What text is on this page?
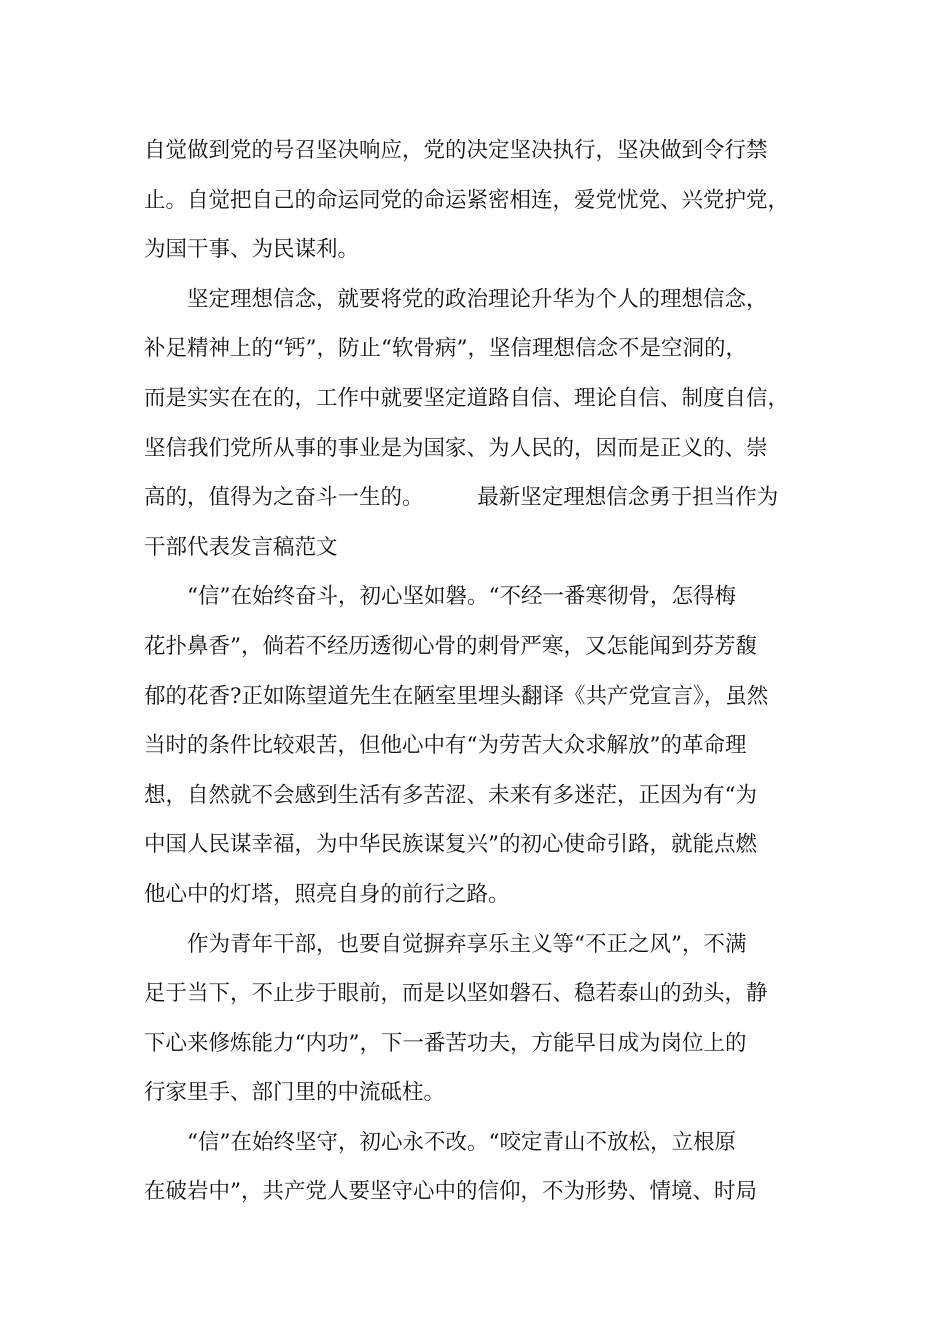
自觉做到党的号召坚决响应，党的决定坚决执行，坚决做到令行禁
止。自觉把自己的命运同党的命运紧密相连，爱党忧党、兴党护党，
为国干事、为民谋利。
　　坚定理想信念，就要将党的政治理论升华为个人的理想信念，
补足精神上的“钙”，防止“软骨病”，坚信理想信念不是空洞的，
而是实实在在的，工作中就要坚定道路自信、理论自信、制度自信，
坚信我们党所从事的事业是为国家、为人民的，因而是正义的、崇
高的，值得为之奋斗一生的。　　　最新坚定理想信念勇于担当作为
干部代表发言稿范文
　　“信”在始终奋斗，初心坚如磐。“不经一番寒彻骨，怎得梅
花扑鼻香”，倘若不经历透彻心骨的刺骨严寒，又怎能闻到芬芳馥
郁的花香?正如陈望道先生在陋室里埋头翻译《共产党宣言》，虽然
当时的条件比较艰苦，但他心中有“为劳苦大众求解放”的革命理
想，自然就不会感到生活有多苦涩、未来有多迷茫，正因为有“为
中国人民谋幸福，为中华民族谋复兴”的初心使命引路，就能点燃
他心中的灯塔，照亮自身的前行之路。
　　作为青年干部，也要自觉摒弃享乐主义等“不正之风”，不满
足于当下，不止步于眼前，而是以坚如磐石、稳若泰山的劲头，静
下心来修炼能力“内功”，下一番苦功夫，方能早日成为岗位上的
行家里手、部门里的中流砥柱。
　　“信”在始终坚守，初心永不改。“咬定青山不放松，立根原
在破岩中”，共产党人要坚守心中的信仰，不为形势、情境、时局
